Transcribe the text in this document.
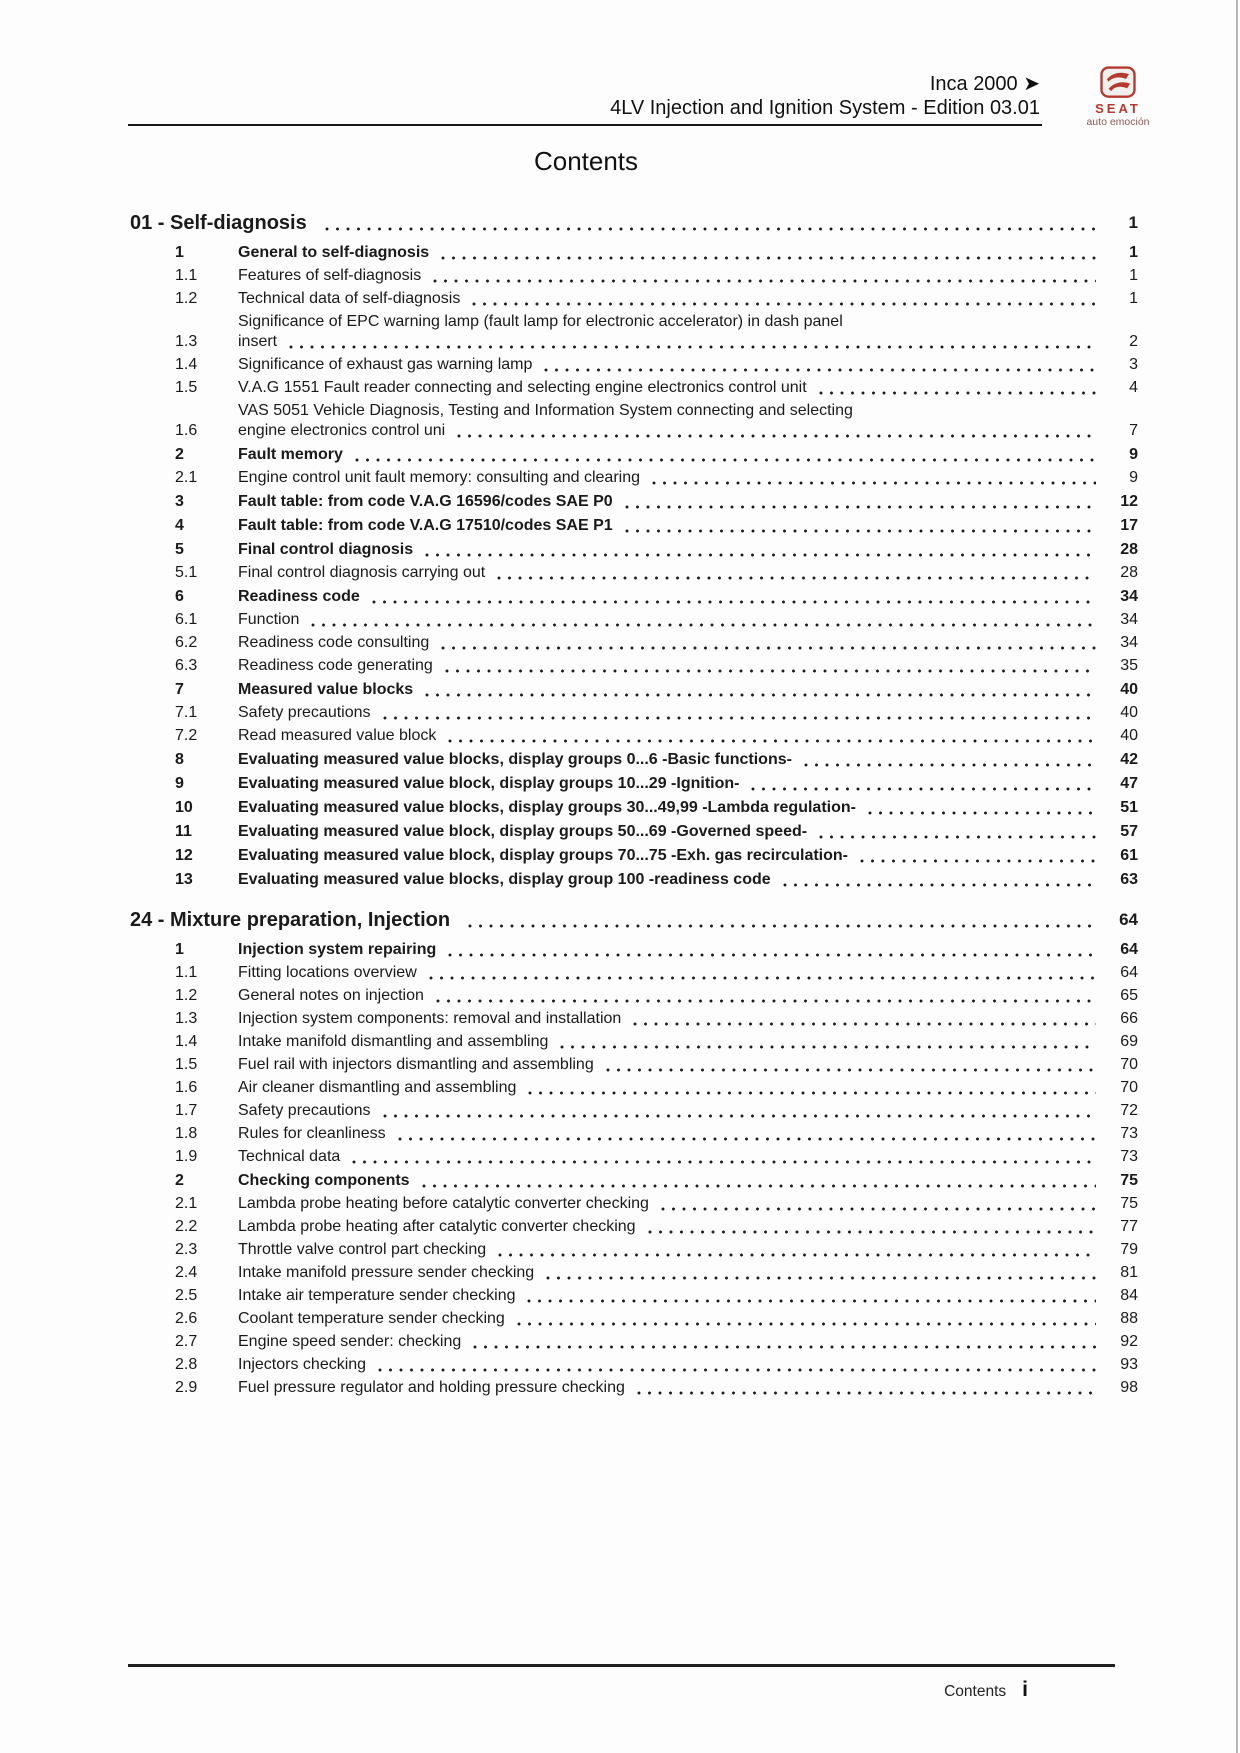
Inca 2000 ➤
4LV Injection and Ignition System - Edition 03.01	SEAT
auto emoción
Contents
01 - Self-diagnosis	1
1	General to self-diagnosis	1
1.1	Features of self-diagnosis	1
1.2	Technical data of self-diagnosis	1
1.3
Significance of EPC warning lamp (fault lamp for electronic accelerator) in dash panel
insert	2
1.4	Significance of exhaust gas warning lamp	3
1.5	V.A.G 1551 Fault reader connecting and selecting engine electronics control unit	4
1.6
VAS 5051 Vehicle Diagnosis, Testing and Information System connecting and selecting
engine electronics control uni	7
2	Fault memory	9
2.1	Engine control unit fault memory: consulting and clearing	9
3	Fault table: from code V.A.G 16596/codes SAE P0	12
4	Fault table: from code V.A.G 17510/codes SAE P1	17
5	Final control diagnosis	28
5.1	Final control diagnosis carrying out	28
6	Readiness code	34
6.1	Function	34
6.2	Readiness code consulting	34
6.3	Readiness code generating	35
7	Measured value blocks	40
7.1	Safety precautions	40
7.2	Read measured value block	40
8	Evaluating measured value blocks, display groups 0...6 -Basic functions-	42
9	Evaluating measured value block, display groups 10...29 -Ignition-	47
10	Evaluating measured value blocks, display groups 30...49,99 -Lambda regulation-	51
11	Evaluating measured value block, display groups 50...69 -Governed speed-	57
12	Evaluating measured value block, display groups 70...75 -Exh. gas recirculation-	61
13	Evaluating measured value blocks, display group 100 -readiness code	63
24 - Mixture preparation, Injection	64
1	Injection system repairing	64
1.1	Fitting locations overview	64
1.2	General notes on injection	65
1.3	Injection system components: removal and installation	66
1.4	Intake manifold dismantling and assembling	69
1.5	Fuel rail with injectors dismantling and assembling	70
1.6	Air cleaner dismantling and assembling	70
1.7	Safety precautions	72
1.8	Rules for cleanliness	73
1.9	Technical data	73
2	Checking components	75
2.1	Lambda probe heating before catalytic converter checking	75
2.2	Lambda probe heating after catalytic converter checking	77
2.3	Throttle valve control part checking	79
2.4	Intake manifold pressure sender checking	81
2.5	Intake air temperature sender checking	84
2.6	Coolant temperature sender checking	88
2.7	Engine speed sender: checking	92
2.8	Injectors checking	93
2.9	Fuel pressure regulator and holding pressure checking	98
Contents i
